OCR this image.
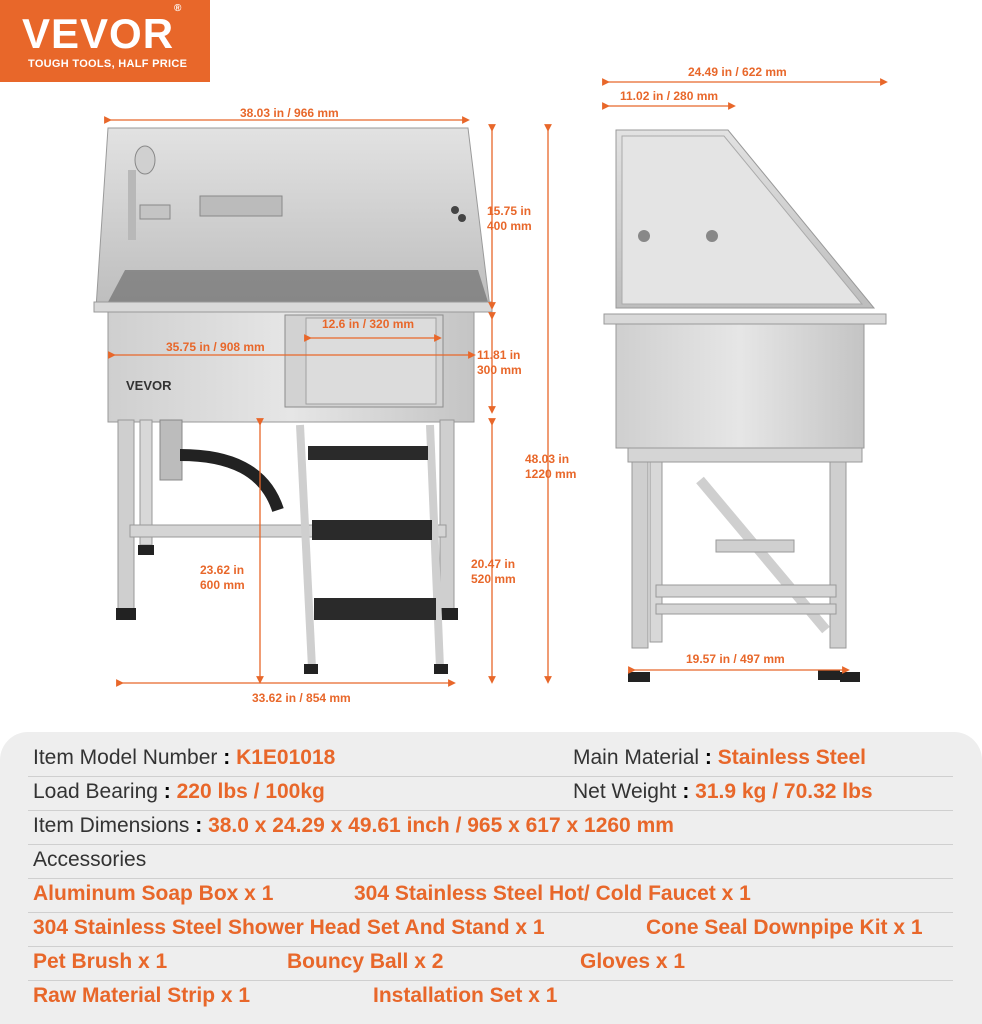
VEVOR®
TOUGH TOOLS, HALF PRICE
VEVOR
38.03 in / 966 mm
15.75 in
400 mm
12.6 in / 320 mm
35.75 in / 908 mm
11.81 in
300 mm
48.03 in
1220 mm
23.62 in
600 mm
20.47 in
520 mm
33.62 in / 854 mm
24.49 in / 622 mm
11.02 in / 280 mm
19.57 in / 497 mm
Item Model Number : K1E01018	Main Material : Stainless Steel
Load Bearing : 220 lbs / 100kg	Net Weight : 31.9 kg / 70.32 lbs
Item Dimensions : 38.0 x 24.29 x 49.61 inch / 965 x 617 x 1260 mm
Accessories
Aluminum Soap Box x 1	304 Stainless Steel Hot/ Cold Faucet x 1
304 Stainless Steel Shower Head Set And Stand x 1	Cone Seal Downpipe Kit x 1
Pet Brush x 1	Bouncy Ball x 2	Gloves x 1
Raw Material Strip x 1	Installation Set x 1
